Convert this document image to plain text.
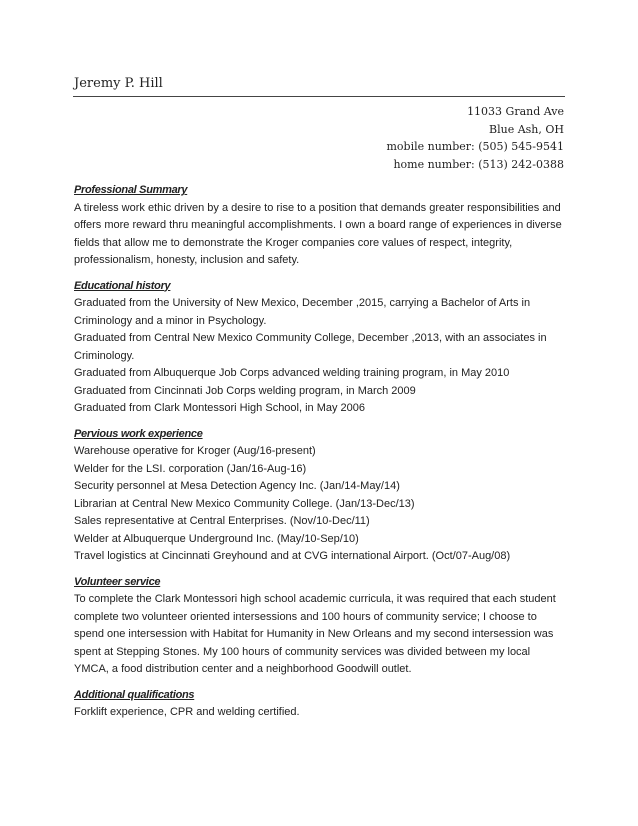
Jeremy P. Hill
11033 Grand Ave
Blue Ash, OH
mobile number: (505) 545-9541
home number: (513) 242-0388

Professional Summary

A tireless work ethic driven by a desire to rise to a position that demands greater responsibilities and offers more reward thru meaningful accomplishments. I own a board range of experiences in diverse fields that allow me to demonstrate the Kroger companies core values of respect, integrity, professionalism, honesty, inclusion and safety.

Educational history

Graduated from the University of New Mexico, December ,2015, carrying a Bachelor of Arts in Criminology and a minor in Psychology.

Graduated from Central New Mexico Community College, December ,2013, with an associates in Criminology.

Graduated from Albuquerque Job Corps advanced welding training program, in May 2010

Graduated from Cincinnati Job Corps welding program, in March 2009

Graduated from Clark Montessori High School, in May 2006

Pervious work experience

Warehouse operative for Kroger (Aug/16-present)

Welder for the LSI. corporation (Jan/16-Aug-16)

Security personnel at Mesa Detection Agency Inc. (Jan/14-May/14)

Librarian at Central New Mexico Community College. (Jan/13-Dec/13)

Sales representative at Central Enterprises. (Nov/10-Dec/11)

Welder at Albuquerque Underground Inc. (May/10-Sep/10)

Travel logistics at Cincinnati Greyhound and at CVG international Airport. (Oct/07-Aug/08)

Volunteer service

To complete the Clark Montessori high school academic curricula, it was required that each student complete two volunteer oriented intersessions and 100 hours of community service; I choose to spend one intersession with Habitat for Humanity in New Orleans and my second intersession was spent at Stepping Stones. My 100 hours of community services was divided between my local YMCA, a food distribution center and a neighborhood Goodwill outlet.

Additional qualifications

Forklift experience, CPR and welding certified.
